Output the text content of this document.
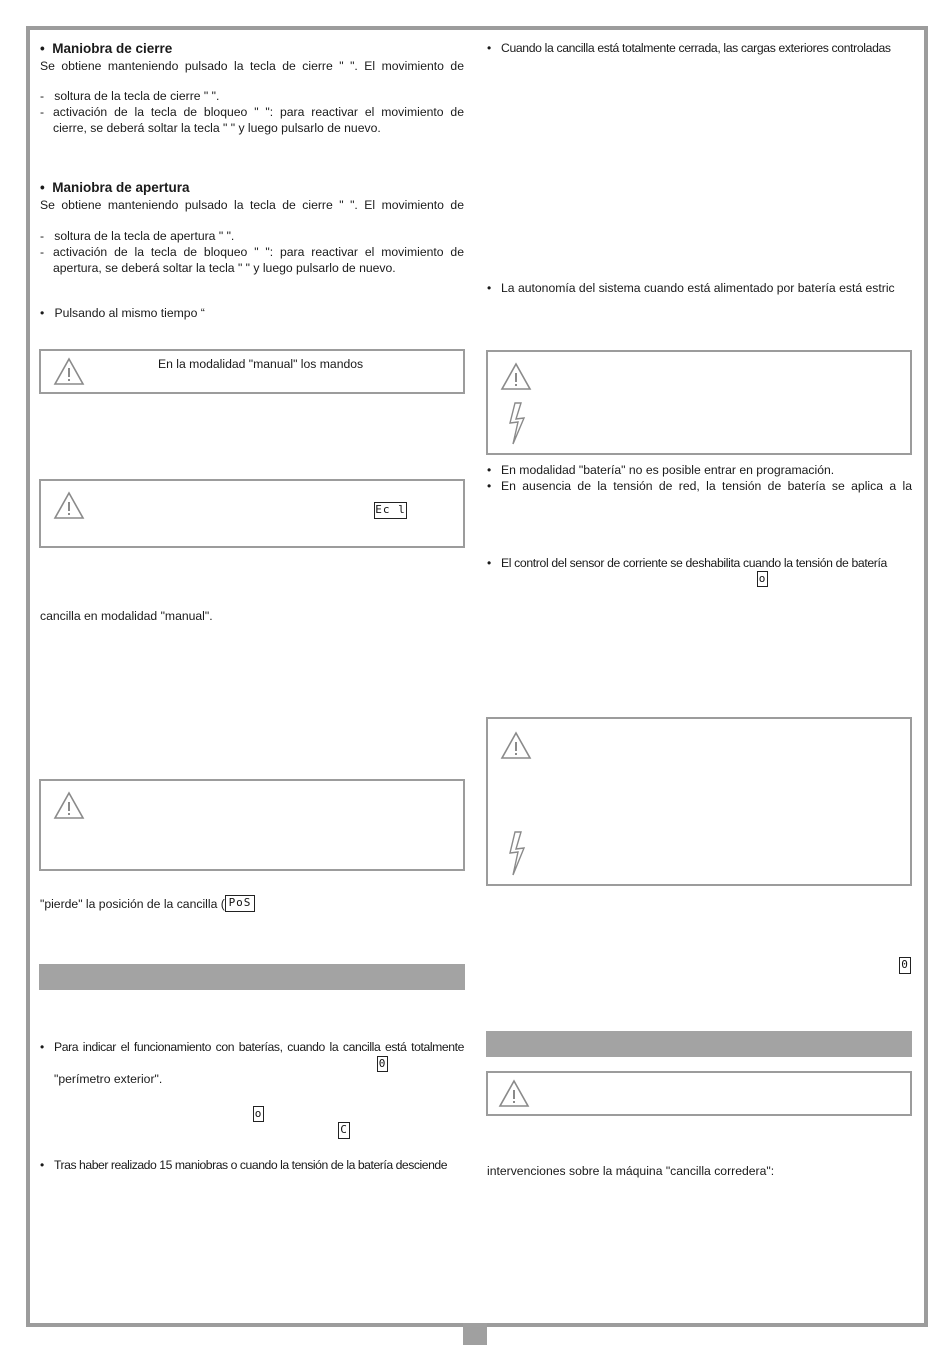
•  Maniobra de cierre
Se obtiene manteniendo pulsado la tecla de cierre " ". El movimiento de
-   soltura de la tecla de cierre " ".
- activación de la tecla de bloqueo " ": para reactivar el movimiento de
cierre, se deberá soltar la tecla " " y luego pulsarlo de nuevo.
•  Maniobra de apertura
Se obtiene manteniendo pulsado la tecla de cierre " ". El movimiento de
-   soltura de la tecla de apertura " ".
- activación de la tecla de bloqueo " ": para reactivar el movimiento de
apertura, se deberá soltar la tecla " " y luego pulsarlo de nuevo.
•   Pulsando al mismo tiempo “
En la modalidad "manual" los mandos
Ec l
cancilla en modalidad "manual".
"pierde" la posición de la cancilla ( PoS
• Para indicar el funcionamiento con baterías, cuando la cancilla está totalmente
0
"perímetro exterior".
o
C
• Tras haber realizado 15 maniobras o cuando la tensión de la batería desciende
• Cuando la cancilla está totalmente cerrada, las cargas exteriores controladas
• La autonomía del sistema cuando está alimentado por batería está estric
• En modalidad "batería" no es posible entrar en programación.
• En ausencia de la tensión de red, la tensión de batería se aplica a la
• El control del sensor de corriente se deshabilita cuando la tensión de batería
o
0
intervenciones sobre la máquina "cancilla corredera":
